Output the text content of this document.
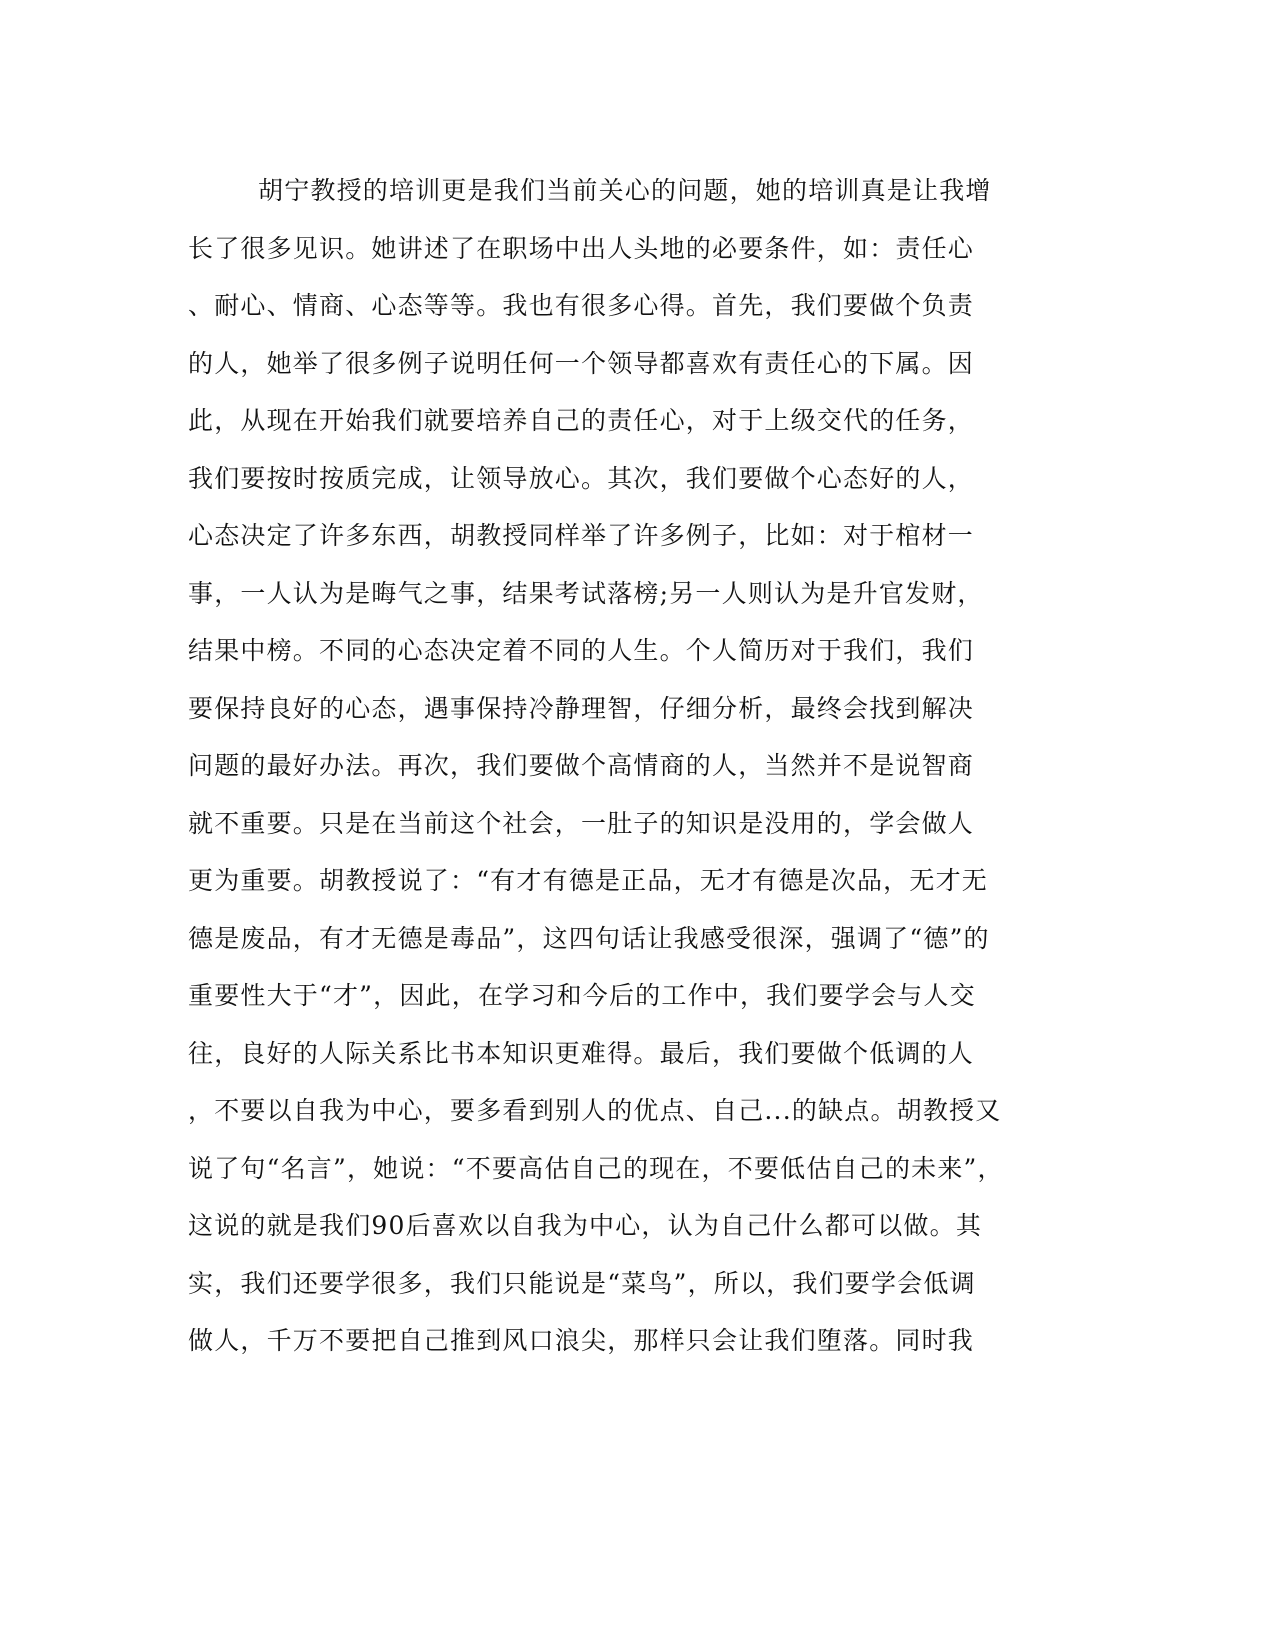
胡宁教授的培训更是我们当前关心的问题，她的培训真是让我增
长了很多见识。她讲述了在职场中出人头地的必要条件，如：责任心
、耐心、情商、心态等等。我也有很多心得。首先，我们要做个负责
的人，她举了很多例子说明任何一个领导都喜欢有责任心的下属。因
此，从现在开始我们就要培养自己的责任心，对于上级交代的任务，
我们要按时按质完成，让领导放心。其次，我们要做个心态好的人，
心态决定了许多东西，胡教授同样举了许多例子，比如：对于棺材一
事，一人认为是晦气之事，结果考试落榜;另一人则认为是升官发财，
结果中榜。不同的心态决定着不同的人生。个人简历对于我们，我们
要保持良好的心态，遇事保持冷静理智，仔细分析，最终会找到解决
问题的最好办法。再次，我们要做个高情商的人，当然并不是说智商
就不重要。只是在当前这个社会，一肚子的知识是没用的，学会做人
更为重要。胡教授说了：“有才有德是正品，无才有德是次品，无才无
德是废品，有才无德是毒品”，这四句话让我感受很深，强调了“德”的
重要性大于“才”，因此，在学习和今后的工作中，我们要学会与人交
往，良好的人际关系比书本知识更难得。最后，我们要做个低调的人
，不要以自我为中心，要多看到别人的优点、自己...的缺点。胡教授又
说了句“名言”，她说：“不要高估自己的现在，不要低估自己的未来”，
这说的就是我们90后喜欢以自我为中心，认为自己什么都可以做。其
实，我们还要学很多，我们只能说是“菜鸟”，所以，我们要学会低调
做人，千万不要把自己推到风口浪尖，那样只会让我们堕落。同时我
